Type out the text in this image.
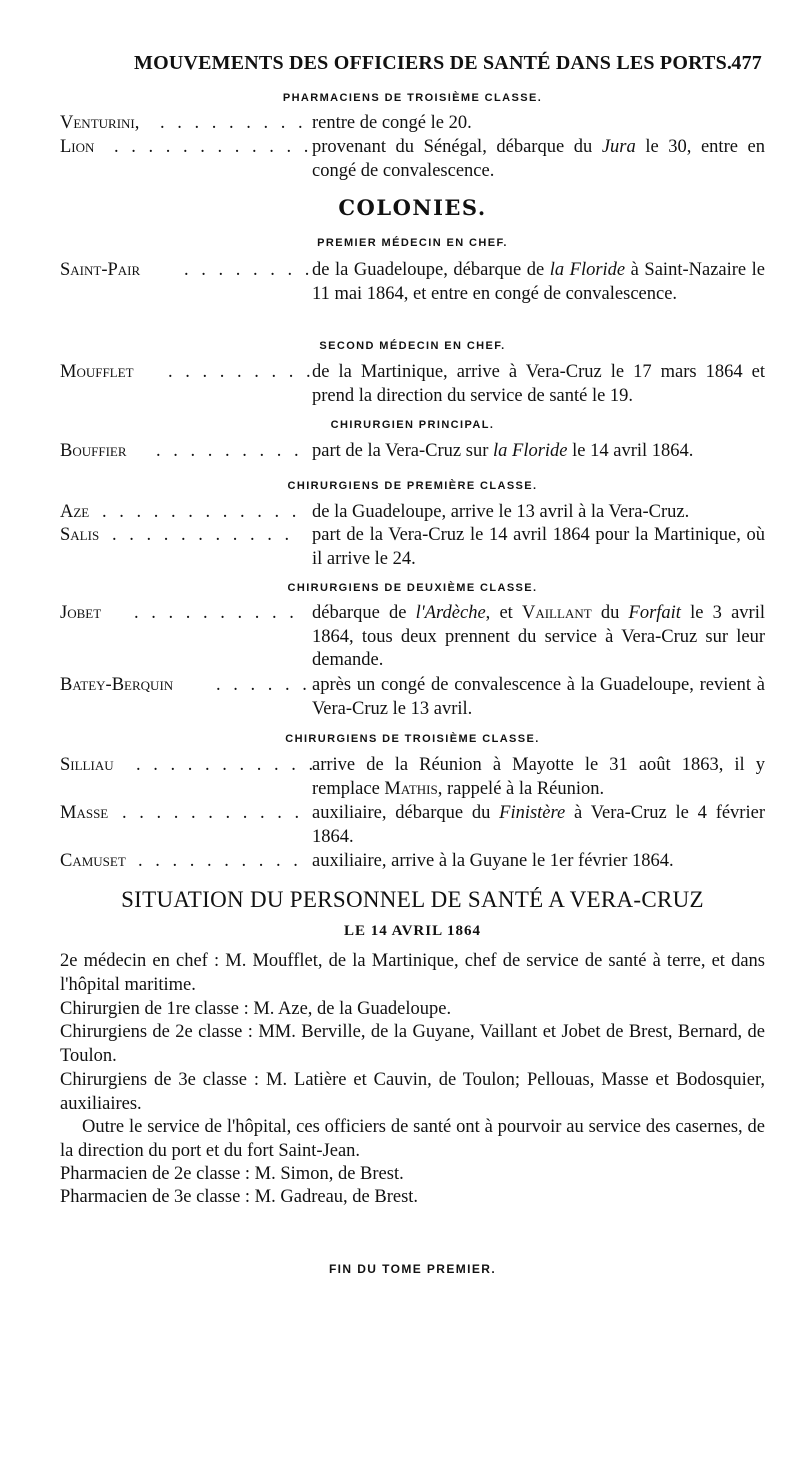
MOUVEMENTS DES OFFICIERS DE SANTÉ DANS LES PORTS. 477
PHARMACIENS DE TROISIÈME CLASSE.
Venturini, . . . . . . . . . rentre de congé le 20.
Lion . . . . . . . . . . . . provenant du Sénégal, débarque du Jura le 30, entre en congé de convalescence.
COLONIES.
PREMIER MÉDECIN EN CHEF.
Saint-Pair . . . . . . . .
de la Guadeloupe, débarque de la Floride à Saint-Nazaire le 11 mai 1864, et entre en congé de convalescence.
SECOND MÉDECIN EN CHEF.
Moufflet . . . . . . . . .
de la Martinique, arrive à Vera-Cruz le 17 mars 1864 et prend la direction du service de santé le 19.
CHIRURGIEN PRINCIPAL.
Bouffier . . . . . . . . . part de la Vera-Cruz sur la Floride le 14 avril 1864.
CHIRURGIENS DE PREMIÈRE CLASSE.
Aze . . . . . . . . . . . . de la Guadeloupe, arrive le 13 avril à la Vera-Cruz.
Salis . . . . . . . . . . . part de la Vera-Cruz le 14 avril 1864 pour la Martinique, où il arrive le 24.
CHIRURGIENS DE DEUXIÈME CLASSE.
Jobet . . . . . . . . . . débarque de l'Ardèche, et Vaillant du Forfait le 3 avril 1864, tous deux prennent du service à Vera-Cruz sur leur demande.
Batey-Berquin . . . . . . après un congé de convalescence à la Guadeloupe, revient à Vera-Cruz le 13 avril.
CHIRURGIENS DE TROISIÈME CLASSE.
Silliau . . . . . . . . . . .
arrive de la Réunion à Mayotte le 31 août 1863, il y remplace Mathis, rappelé à la Réunion.
Masse . . . . . . . . . . . auxiliaire, débarque du Finistère à Vera-Cruz le 4 février 1864.
Camuset . . . . . . . . . . auxiliaire, arrive à la Guyane le 1er février 1864.
SITUATION DU PERSONNEL DE SANTÉ A VERA-CRUZ
LE 14 AVRIL 1864
2e médecin en chef : M. Moufflet, de la Martinique, chef de service de santé à terre, et dans l'hôpital maritime.
Chirurgien de 1re classe : M. Aze, de la Guadeloupe.
Chirurgiens de 2e classe : MM. Berville, de la Guyane, Vaillant et Jobet de Brest, Bernard, de Toulon.
Chirurgiens de 3e classe : M. Latière et Cauvin, de Toulon; Pellouas, Masse et Bodosquier, auxiliaires.
Outre le service de l'hôpital, ces officiers de santé ont à pourvoir au service des casernes, de la direction du port et du fort Saint-Jean.
Pharmacien de 2e classe : M. Simon, de Brest.
Pharmacien de 3e classe : M. Gadreau, de Brest.
FIN DU TOME PREMIER.
